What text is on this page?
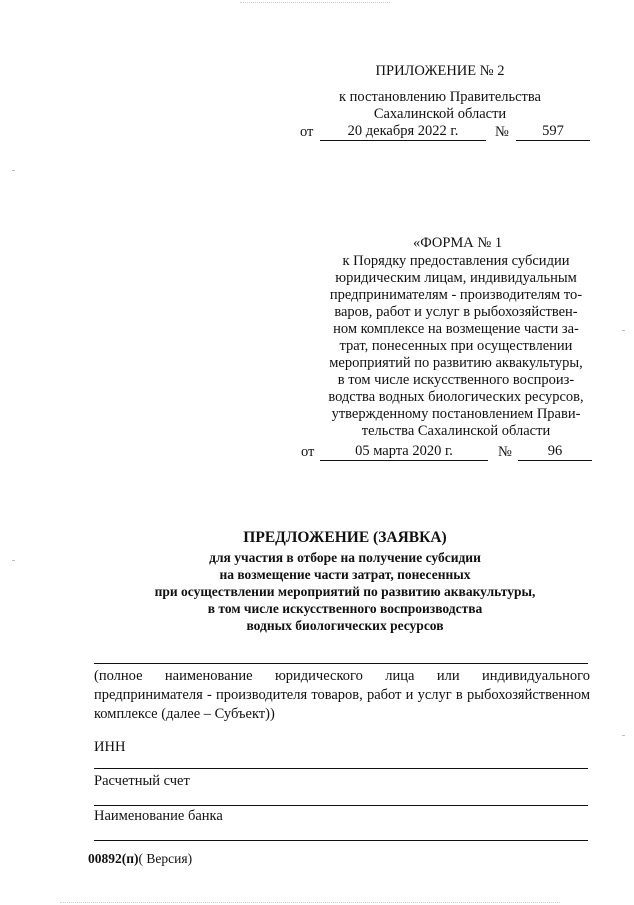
ПРИЛОЖЕНИЕ № 2
к постановлению Правительства
Сахалинской области
от	20 декабря 2022 г.	№	597
«ФОРМА № 1
к Порядку предоставления субсидии
юридическим лицам, индивидуальным
предпринимателям - производителям то-
варов, работ и услуг в рыбохозяйствен-
ном комплексе на возмещение части за-
трат, понесенных при осуществлении
мероприятий по развитию аквакультуры,
в том числе искусственного воспроиз-
водства водных биологических ресурсов,
утвержденному постановлением Прави-
тельства Сахалинской области
от	05 марта 2020 г.	№	96
ПРЕДЛОЖЕНИЕ (ЗАЯВКА)
для участия в отборе на получение субсидии
на возмещение части затрат, понесенных
при осуществлении мероприятий по развитию аквакультуры,
в том числе искусственного воспроизводства
водных биологических ресурсов
(полное наименование юридического лица или индивидуального предпринимателя - производителя товаров, работ и услуг в рыбохозяйственном комплексе (далее – Субъект))
ИНН
Расчетный счет
Наименование банка
00892(п)( Версия)
